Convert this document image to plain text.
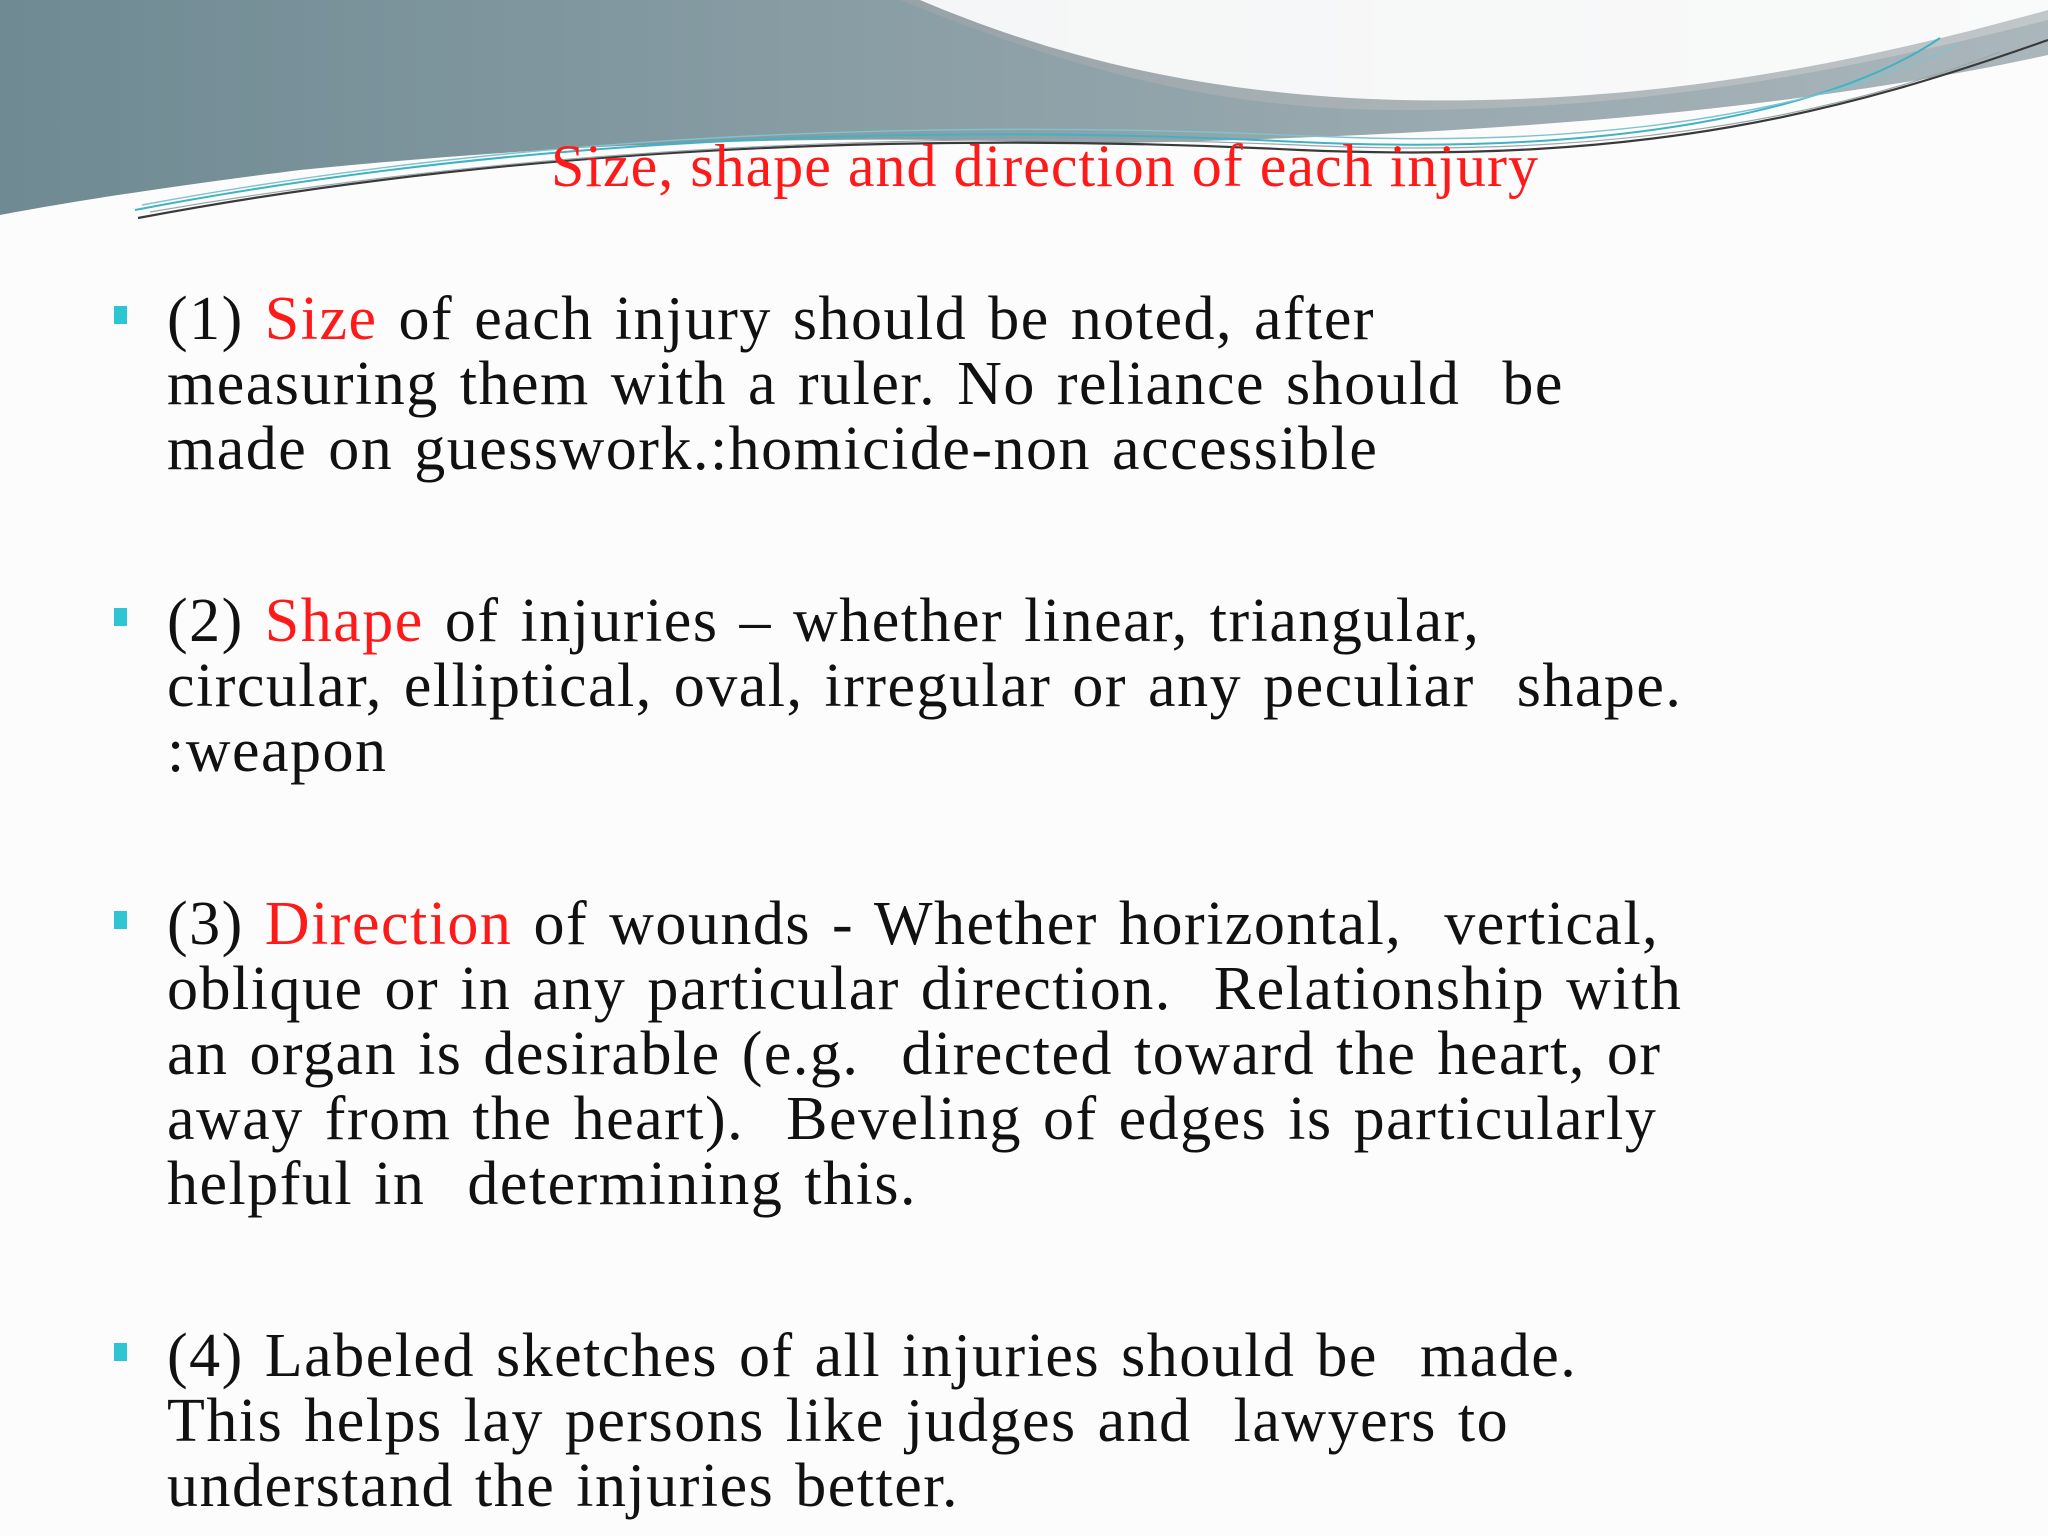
Size, shape and direction of each injury
(1) Size of each injury should be noted, after
measuring them with a ruler. No reliance should  be
made on guesswork.:homicide-non accessible
(2) Shape of injuries – whether linear, triangular,
circular, elliptical, oval, irregular or any peculiar  shape.
:weapon
(3) Direction of wounds - Whether horizontal,  vertical,
oblique or in any particular direction.  Relationship with
an organ is desirable (e.g.  directed toward the heart, or
away from the heart).  Beveling of edges is particularly
helpful in  determining this.
(4) Labeled sketches of all injuries should be  made.
This helps lay persons like judges and  lawyers to
understand the injuries better.
